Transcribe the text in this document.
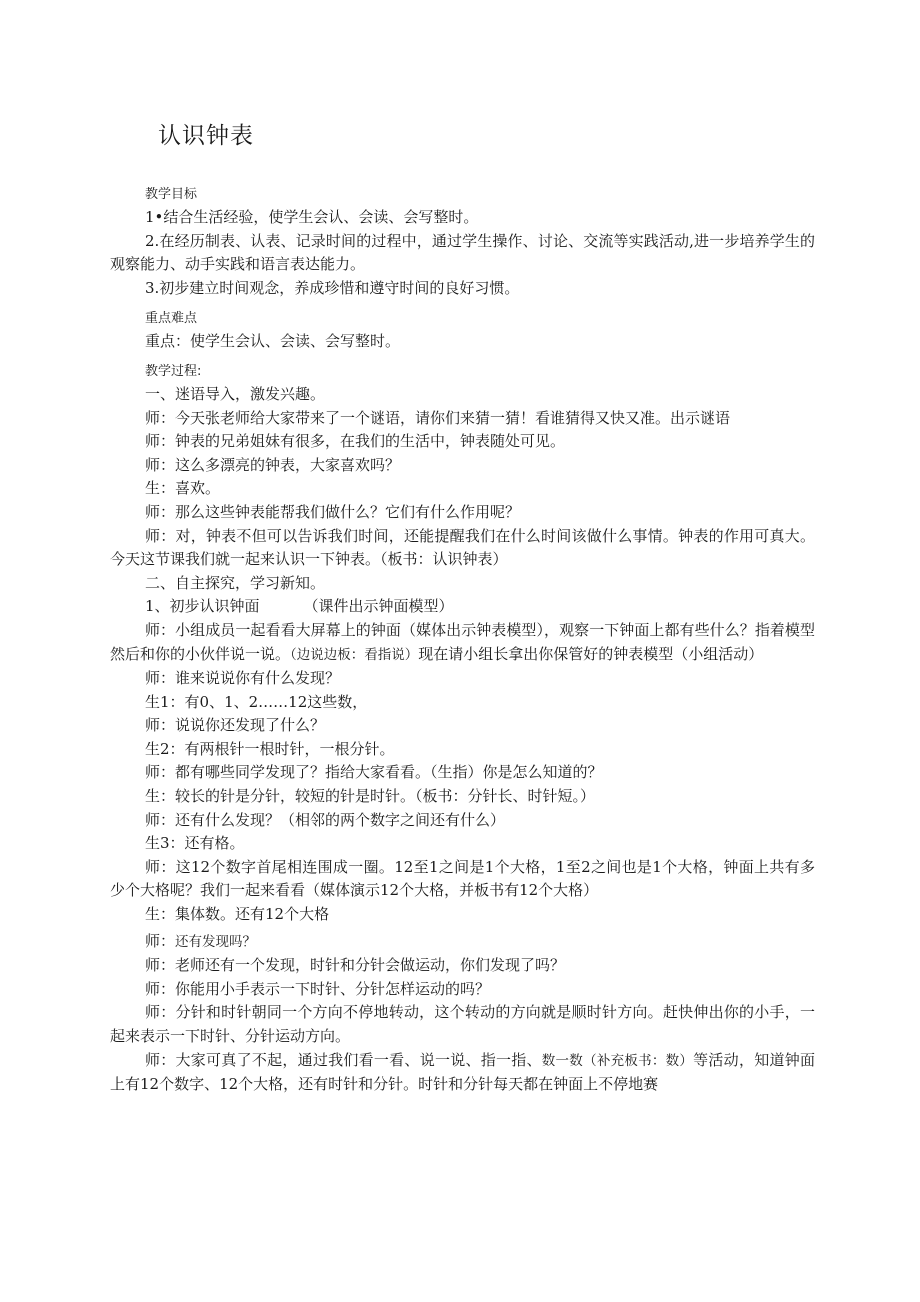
认识钟表
教学目标

1•结合生活经验，使学生会认、会读、会写整时。

2.在经历制表、认表、记录时间的过程中，通过学生操作、讨论、交流等实践活动,进一步培养学生的观察能力、动手实践和语言表达能力。

3.初步建立时间观念，养成珍惜和遵守时间的良好习惯。

重点难点

重点：使学生会认、会读、会写整时。

教学过程:

一、迷语导入，激发兴趣。

师：今天张老师给大家带来了一个谜语，请你们来猜一猜！看谁猜得又快又准。出示谜语

师：钟表的兄弟姐妹有很多，在我们的生活中，钟表随处可见。

师：这么多漂亮的钟表，大家喜欢吗？

生：喜欢。

师：那么这些钟表能帮我们做什么？它们有什么作用呢？

师：对，钟表不但可以告诉我们时间，还能提醒我们在什么时间该做什么事情。钟表的作用可真大。今天这节课我们就一起来认识一下钟表。（板书：认识钟表）

二、自主探究，学习新知。

1、初步认识钟面	（课件出示钟面模型）

师：小组成员一起看看大屏幕上的钟面（媒体出示钟表模型），观察一下钟面上都有些什么？指着模型然后和你的小伙伴说一说。（边说边板：看指说）现在请小组长拿出你保管好的钟表模型（小组活动）

师：谁来说说你有什么发现？

生1：有0、1、2……12这些数，

师：说说你还发现了什么？

生2：有两根针一根时针，一根分针。

师：都有哪些同学发现了？指给大家看看。（生指）你是怎么知道的？

生：较长的针是分针，较短的针是时针。（板书：分针长、时针短。）

师：还有什么发现？（相邻的两个数字之间还有什么）

生3：还有格。

师：这12个数字首尾相连围成一圈。12至1之间是1个大格，1至2之间也是1个大格，钟面上共有多少个大格呢？我们一起来看看（媒体演示12个大格，并板书有12个大格）

生：集体数。还有12个大格

师：还有发现吗？

师：老师还有一个发现，时针和分针会做运动，你们发现了吗？

师：你能用小手表示一下时针、分针怎样运动的吗？

师：分针和时针朝同一个方向不停地转动，这个转动的方向就是顺时针方向。赶快伸出你的小手，一起来表示一下时针、分针运动方向。

师：大家可真了不起，通过我们看一看、说一说、指一指、数一数（补充板书：数）等活动，知道钟面上有12个数字、12个大格，还有时针和分针。时针和分针每天都在钟面上不停地赛
